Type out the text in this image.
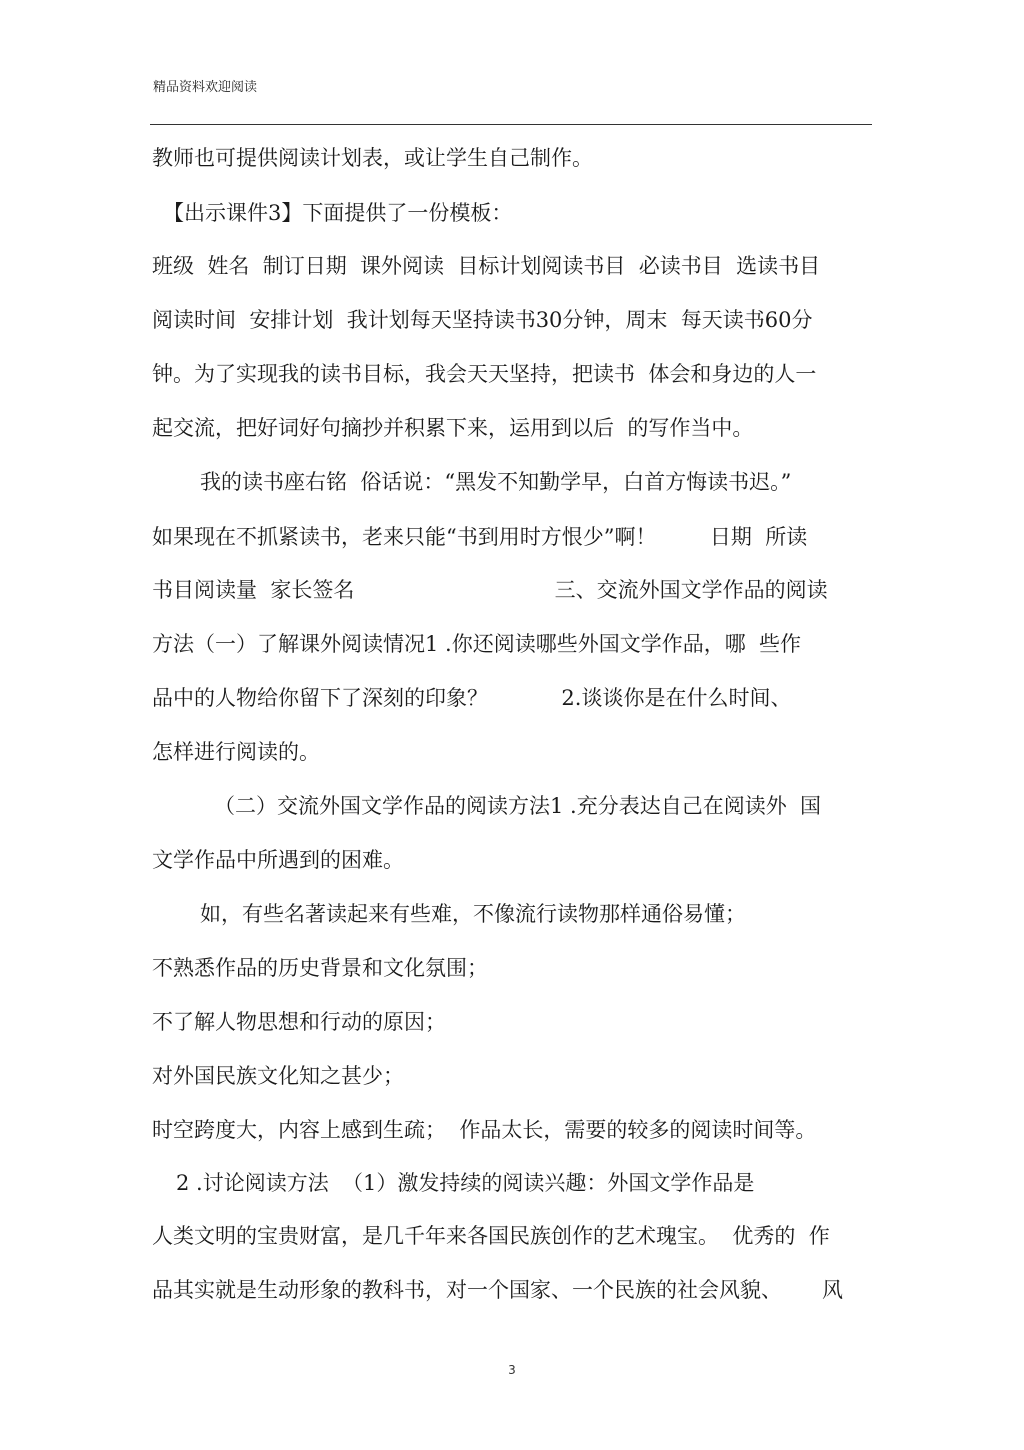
精品资料欢迎阅读
教师也可提供阅读计划表，或让学生自己制作。
【出示课件3】下面提供了一份模板：
班级  姓名  制订日期  课外阅读  目标计划阅读书目  必读书目  选读书目
阅读时间  安排计划  我计划每天坚持读书30分钟，周末  每天读书60分
钟。为了实现我的读书目标，我会天天坚持，把读书  体会和身边的人一
起交流，把好词好句摘抄并积累下来，运用到以后  的写作当中。
我的读书座右铭  俗话说：“黑发不知勤学早，白首方悔读书迟。”
如果现在不抓紧读书，老来只能“书到用时方恨少”啊！        日期  所读
书目阅读量  家长签名                              三、交流外国文学作品的阅读
方法（一）了解课外阅读情况1 .你还阅读哪些外国文学作品，哪  些作
品中的人物给你留下了深刻的印象？           2.谈谈你是在什么时间、
怎样进行阅读的。
（二）交流外国文学作品的阅读方法1 .充分表达自己在阅读外  国
文学作品中所遇到的困难。
如，有些名著读起来有些难，不像流行读物那样通俗易懂；
不熟悉作品的历史背景和文化氛围；
不了解人物思想和行动的原因；
对外国民族文化知之甚少；
时空跨度大，内容上感到生疏；  作品太长，需要的较多的阅读时间等。
2 .讨论阅读方法  （1）激发持续的阅读兴趣：外国文学作品是
人类文明的宝贵财富，是几千年来各国民族创作的艺术瑰宝。  优秀的  作
品其实就是生动形象的教科书，对一个国家、一个民族的社会风貌、      风
3
